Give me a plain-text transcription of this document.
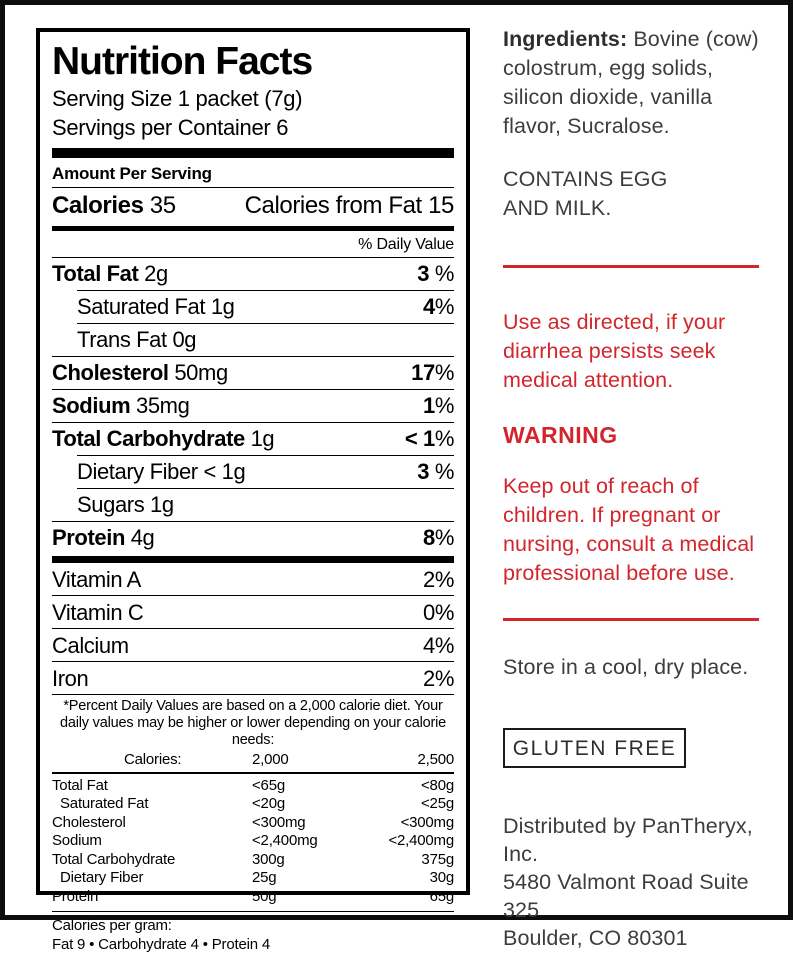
Nutrition Facts
Serving Size 1 packet (7g)
Servings per Container 6
Amount Per Serving
Calories 35	Calories from Fat 15
% Daily Value
Total Fat 2g	3 %
Saturated Fat 1g	4%
Trans Fat 0g
Cholesterol 50mg	17%
Sodium 35mg	1%
Total Carbohydrate 1g	< 1%
Dietary Fiber < 1g	3 %
Sugars 1g
Protein 4g	8%
Vitamin A	2%
Vitamin C	0%
Calcium	4%
Iron	2%
*Percent Daily Values are based on a 2,000 calorie diet. Your daily values may be higher or lower depending on your calorie needs:
Calories:	2,000	2,500
Total Fat	<65g	<80g
Saturated Fat	<20g	<25g
Cholesterol	<300mg	<300mg
Sodium	<2,400mg	<2,400mg
Total Carbohydrate	300g	375g
Dietary Fiber	25g	30g
Protein	50g	65g
Calories per gram:
Fat 9 • Carbohydrate 4 • Protein 4

Ingredients: Bovine (cow) colostrum, egg solids, silicon dioxide, vanilla flavor, Sucralose.

CONTAINS EGG AND MILK.
Use as directed, if your diarrhea persists seek medical attention.
WARNING
Keep out of reach of children. If pregnant or nursing, consult a medical professional before use.
Store in a cool, dry place.
GLUTEN FREE
Distributed by PanTheryx, Inc.
5480 Valmont Road Suite 325
Boulder, CO 80301
